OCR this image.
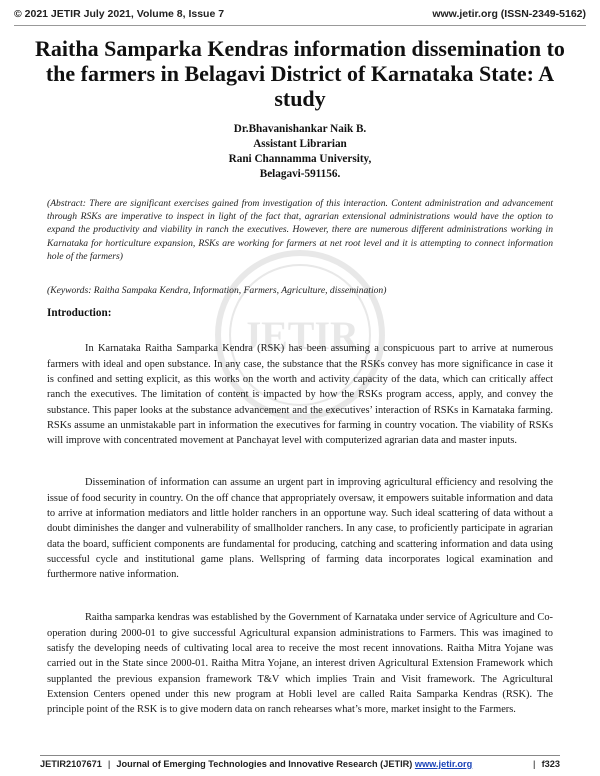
© 2021 JETIR July 2021, Volume 8, Issue 7	www.jetir.org (ISSN-2349-5162)
JETIR
Raitha Samparka Kendras information dissemination to the farmers in Belagavi District of Karnataka State: A study
Dr.Bhavanishankar Naik B.
Assistant Librarian
Rani Channamma University,
Belagavi-591156.
(Abstract: There are significant exercises gained from investigation of this interaction. Content administration and advancement through RSKs are imperative to inspect in light of the fact that, agrarian extensional administrations would have the option to expand the productivity and viability in ranch the executives. However, there are numerous different administrations working in Karnataka for horticulture expansion, RSKs are working for farmers at net root level and it is attempting to connect information hole of the farmers)
(Keywords: Raitha Sampaka Kendra, Information, Farmers, Agriculture, dissemination)
Introduction:

In Karnataka Raitha Samparka Kendra (RSK) has been assuming a conspicuous part to arrive at numerous farmers with ideal and open substance. In any case, the substance that the RSKs convey has more significance in case it is confined and setting explicit, as this works on the worth and activity capacity of the data, which can critically affect ranch the executives. The limitation of content is impacted by how the RSKs program access, apply, and convey the substance. This paper looks at the substance advancement and the executives’ interaction of RSKs in Karnataka farming. RSKs assume an unmistakable part in information the executives for farming in country vocation. The viability of RSKs will improve with concentrated movement at Panchayat level with computerized agrarian data and master inputs.

Dissemination of information can assume an urgent part in improving agricultural efficiency and resolving the issue of food security in country. On the off chance that appropriately oversaw, it empowers suitable information and data to arrive at information mediators and little holder ranchers in an opportune way. Such ideal scattering of data without a doubt diminishes the danger and vulnerability of smallholder ranchers. In any case, to proficiently participate in agrarian data the board, sufficient components are fundamental for producing, catching and scattering information and data using successful cycle and institutional game plans. Wellspring of farming data incorporates logical examination and furthermore native information.

Raitha samparka kendras was established by the Government of Karnataka under service of Agriculture and Co-operation during 2000-01 to give successful Agricultural expansion administrations to Farmers. This was imagined to satisfy the developing needs of cultivating local area to receive the most recent innovations. Raitha Mitra Yojane was carried out in the State since 2000-01. Raitha Mitra Yojane, an interest driven Agricultural Extension Framework which supplanted the previous expansion framework T&V which implies Train and Visit framework. The Agricultural Extension Centers opened under this new program at Hobli level are called Raita Samparka Kendras (RSK). The principle point of the RSK is to give modern data on ranch rehearses what’s more, market insight to the Farmers.

JETIR2107671 | Journal of Emerging Technologies and Innovative Research (JETIR) www.jetir.org	| f323
